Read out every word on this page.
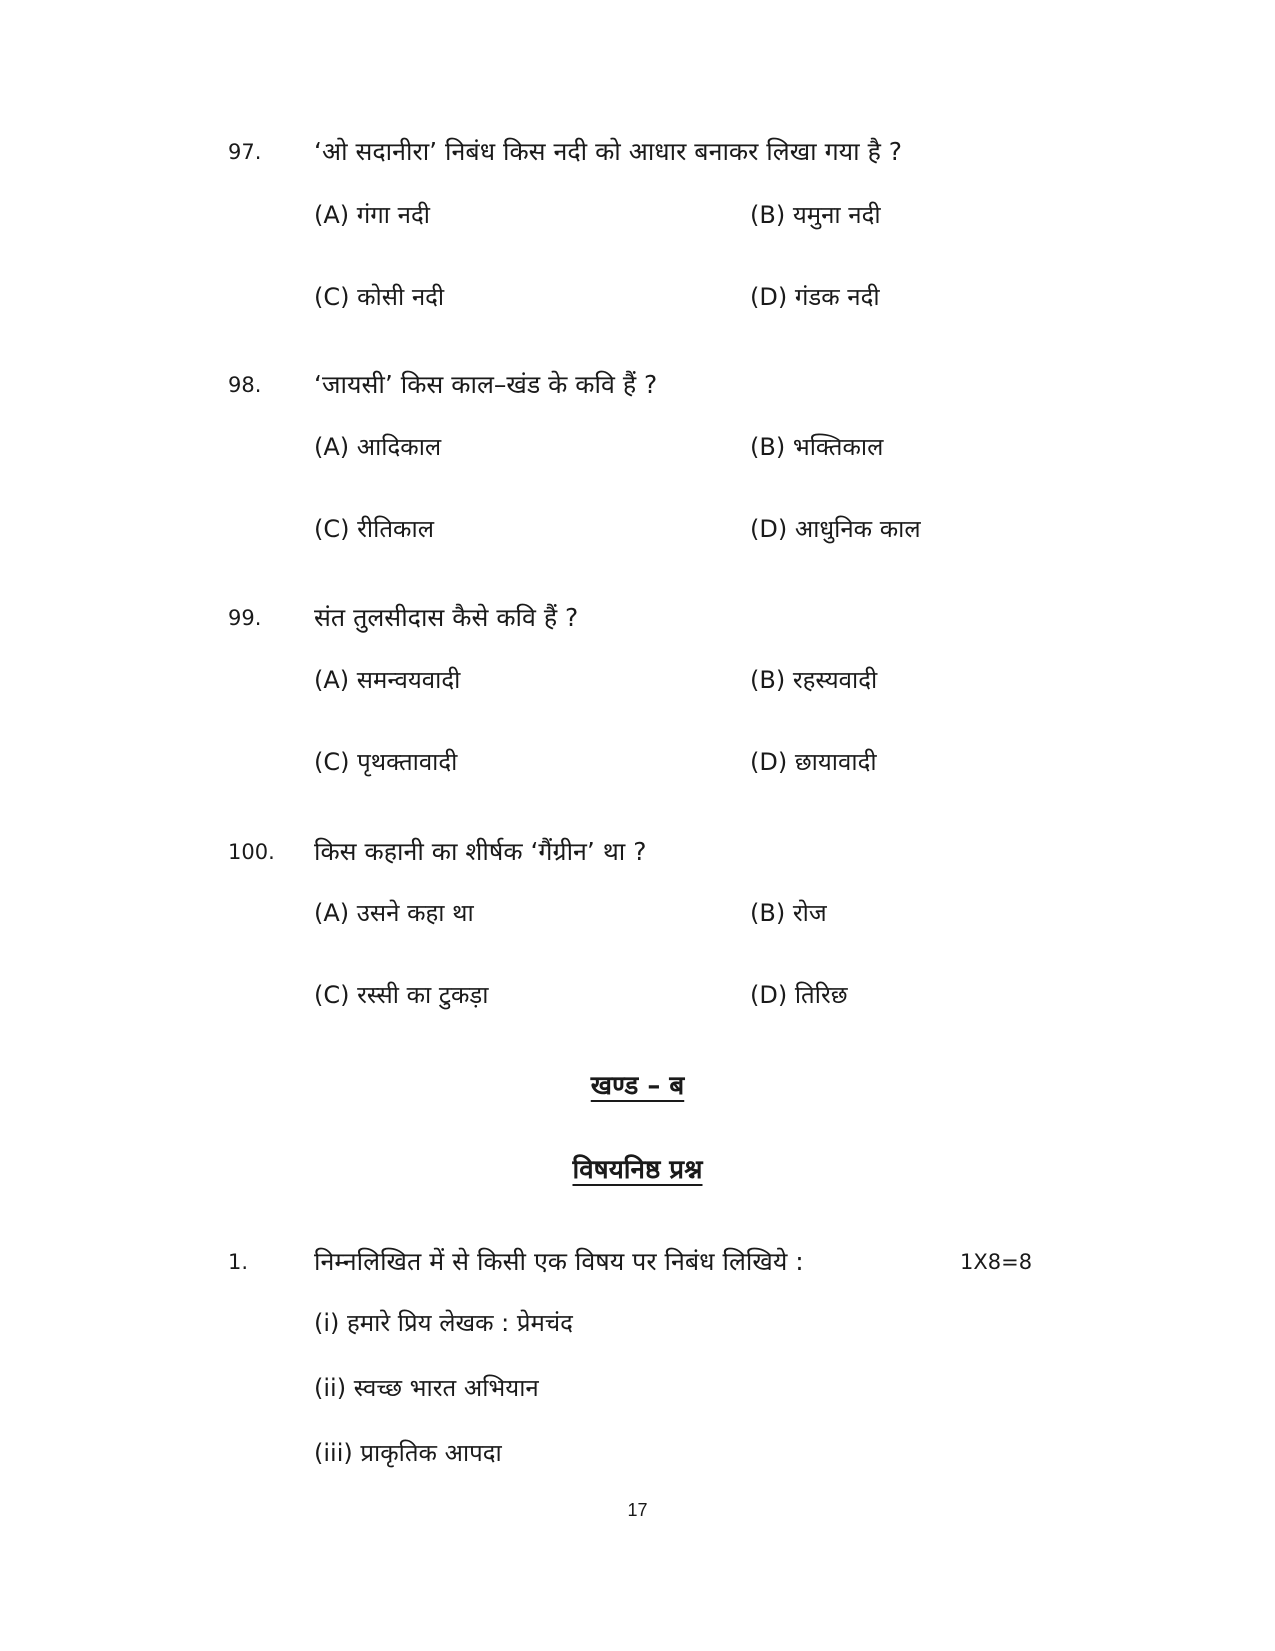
97. ‘ओ सदानीरा’ निबंध किस नदी को आधार बनाकर लिखा गया है ?
(A) गंगा नदी	(B) यमुना नदी
(C) कोसी नदी	(D) गंडक नदी
98. ‘जायसी’ किस काल–खंड के कवि हैं ?
(A) आदिकाल	(B) भक्तिकाल
(C) रीतिकाल	(D) आधुनिक काल
99. संत तुलसीदास कैसे कवि हैं ?
(A) समन्वयवादी	(B) रहस्यवादी
(C) पृथक्तावादी	(D) छायावादी
100. किस कहानी का शीर्षक ‘गैंग्रीन’ था ?
(A) उसने कहा था	(B) रोज
(C) रस्सी का टुकड़ा	(D) तिरिछ
खण्ड – ब
विषयनिष्ठ प्रश्न
1.	निम्नलिखित में से किसी एक विषय पर निबंध लिखिये :	1X8=8
(i) हमारे प्रिय लेखक : प्रेमचंद
(ii) स्वच्छ भारत अभियान
(iii) प्राकृतिक आपदा
17
